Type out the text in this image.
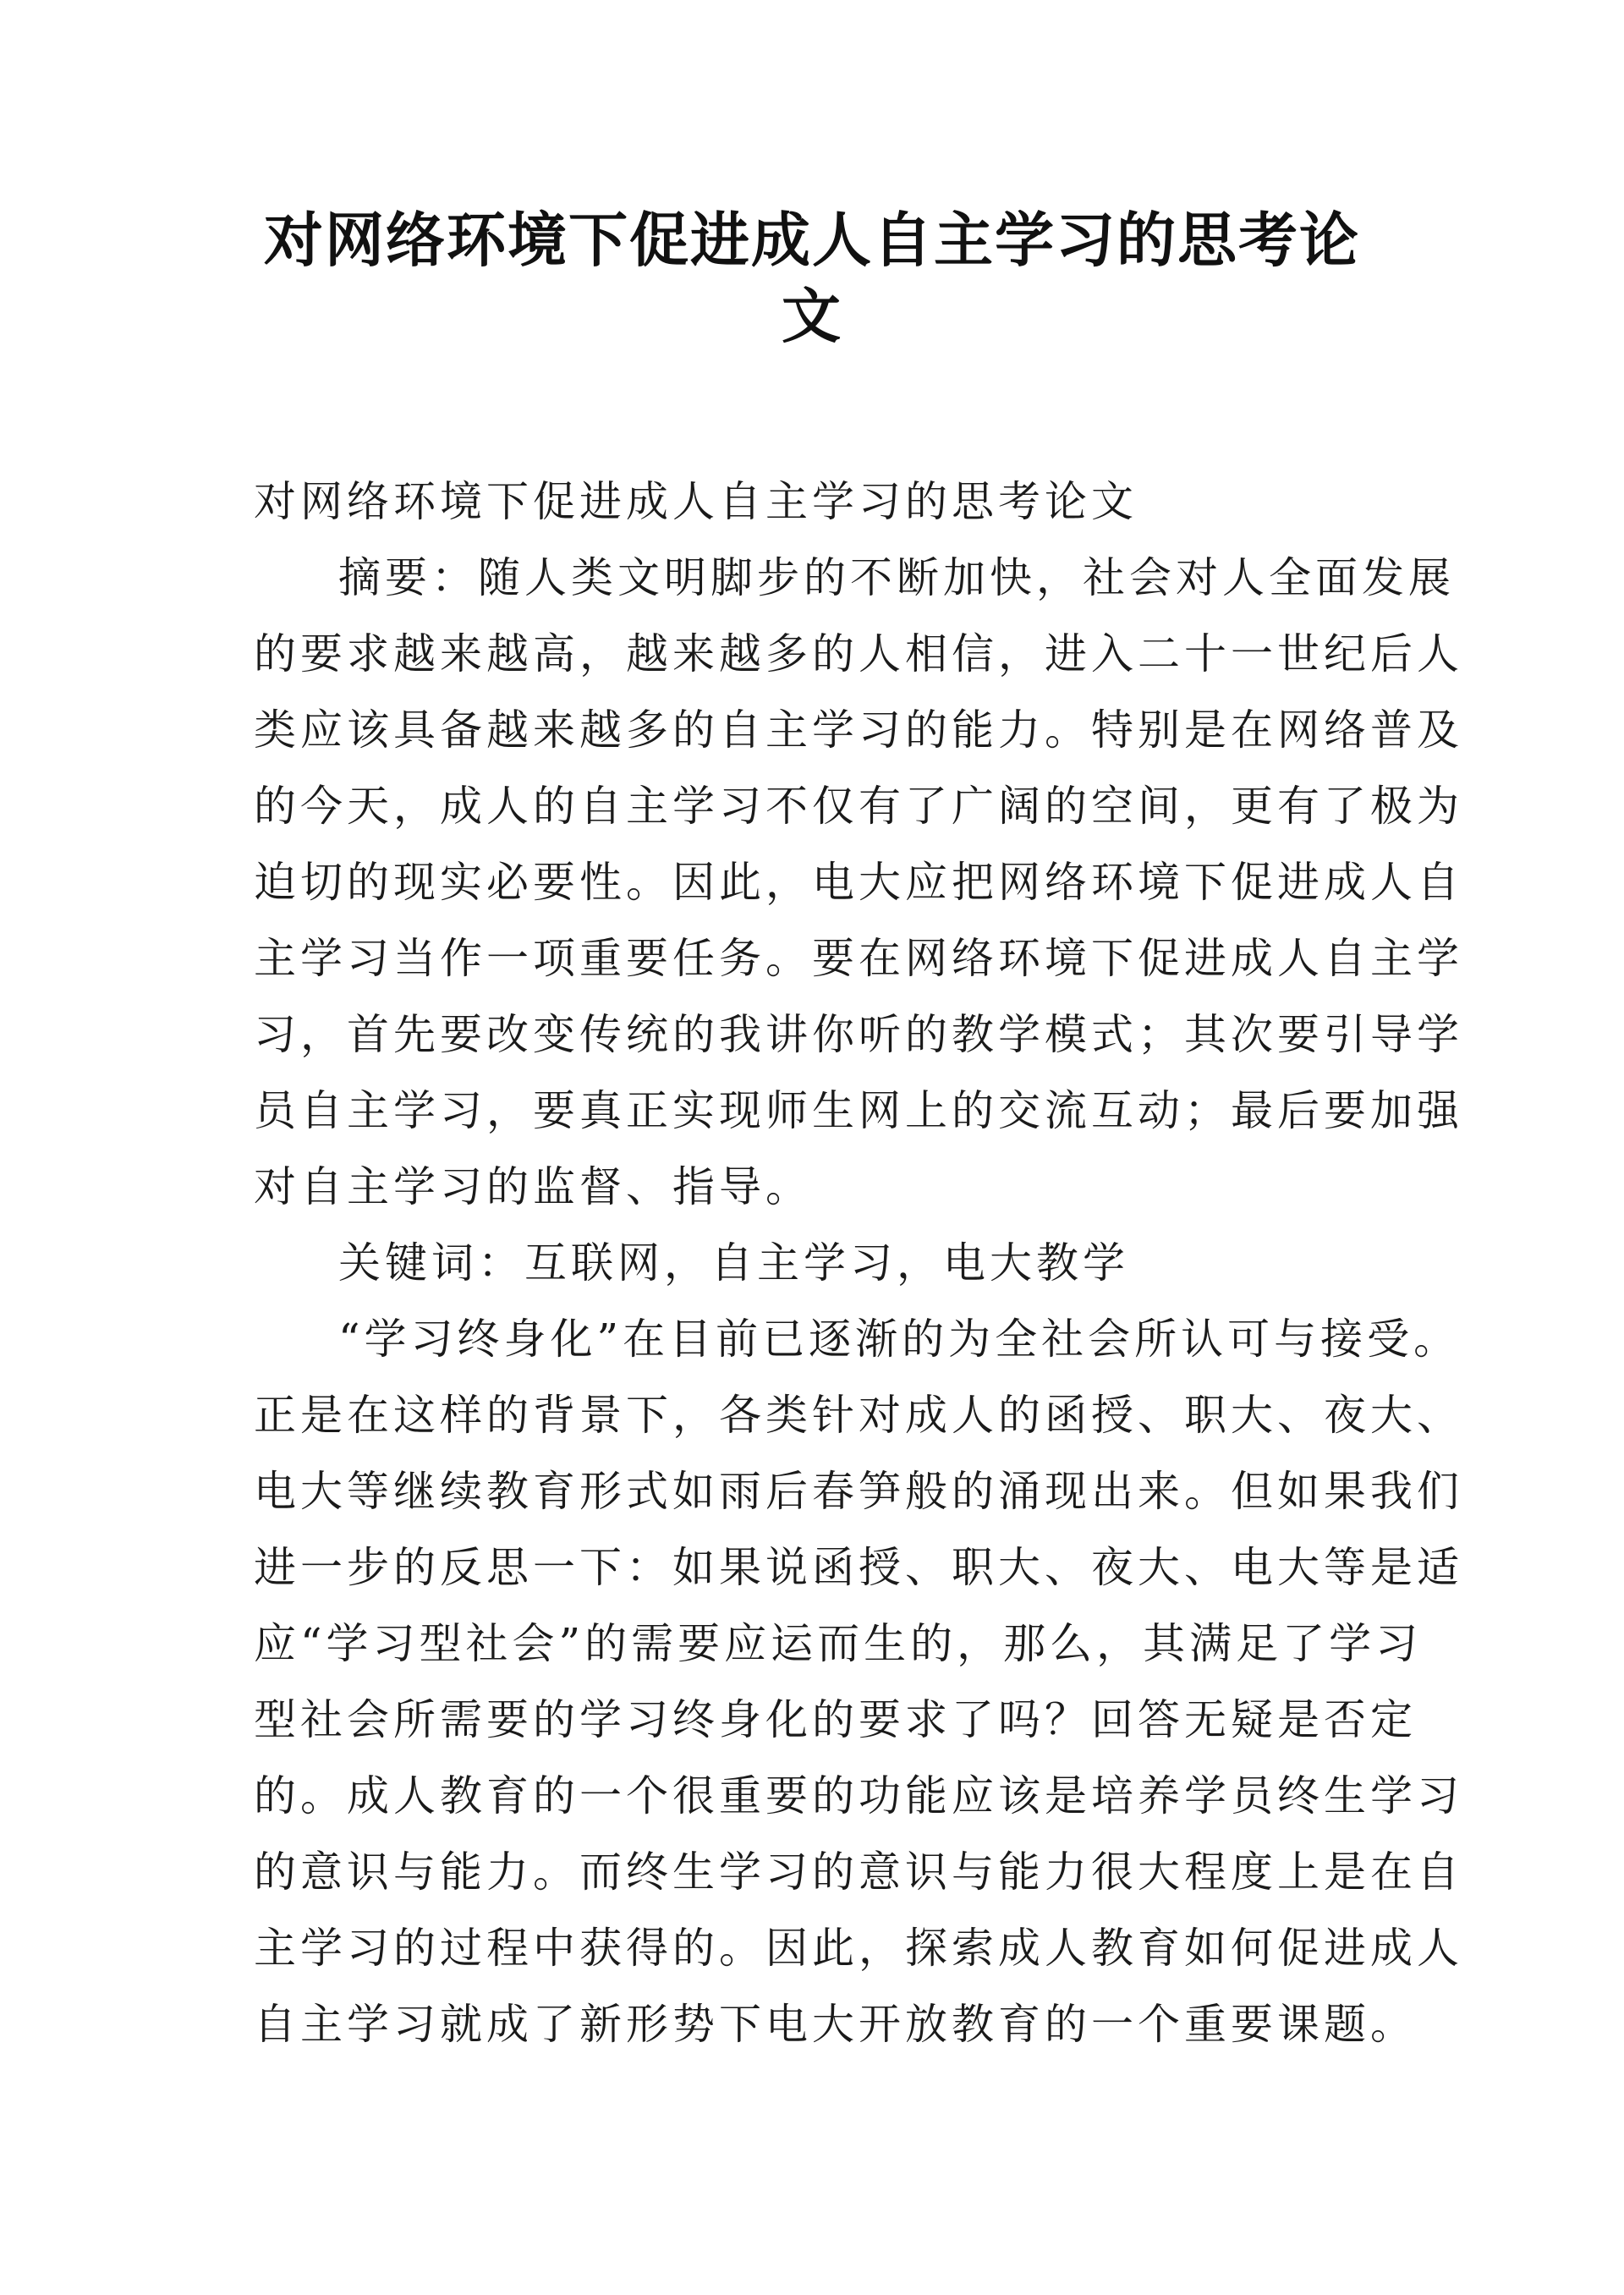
对网络环境下促进成人自主学习的思考论
文

对网络环境下促进成人自主学习的思考论文

摘要：随人类文明脚步的不断加快，社会对人全面发展

的要求越来越高，越来越多的人相信，进入二十一世纪后人

类应该具备越来越多的自主学习的能力。特别是在网络普及

的今天，成人的自主学习不仅有了广阔的空间，更有了极为

迫切的现实必要性。因此，电大应把网络环境下促进成人自

主学习当作一项重要任务。要在网络环境下促进成人自主学

习，首先要改变传统的我讲你听的教学模式；其次要引导学

员自主学习，要真正实现师生网上的交流互动；最后要加强

对自主学习的监督、指导。

关键词：互联网，自主学习，电大教学

“学习终身化”在目前已逐渐的为全社会所认可与接受。

正是在这样的背景下，各类针对成人的函授、职大、夜大、

电大等继续教育形式如雨后春笋般的涌现出来。但如果我们

进一步的反思一下：如果说函授、职大、夜大、电大等是适

应“学习型社会”的需要应运而生的，那么，其满足了学习

型社会所需要的学习终身化的要求了吗？回答无疑是否定

的。成人教育的一个很重要的功能应该是培养学员终生学习

的意识与能力。而终生学习的意识与能力很大程度上是在自

主学习的过程中获得的。因此，探索成人教育如何促进成人

自主学习就成了新形势下电大开放教育的一个重要课题。
